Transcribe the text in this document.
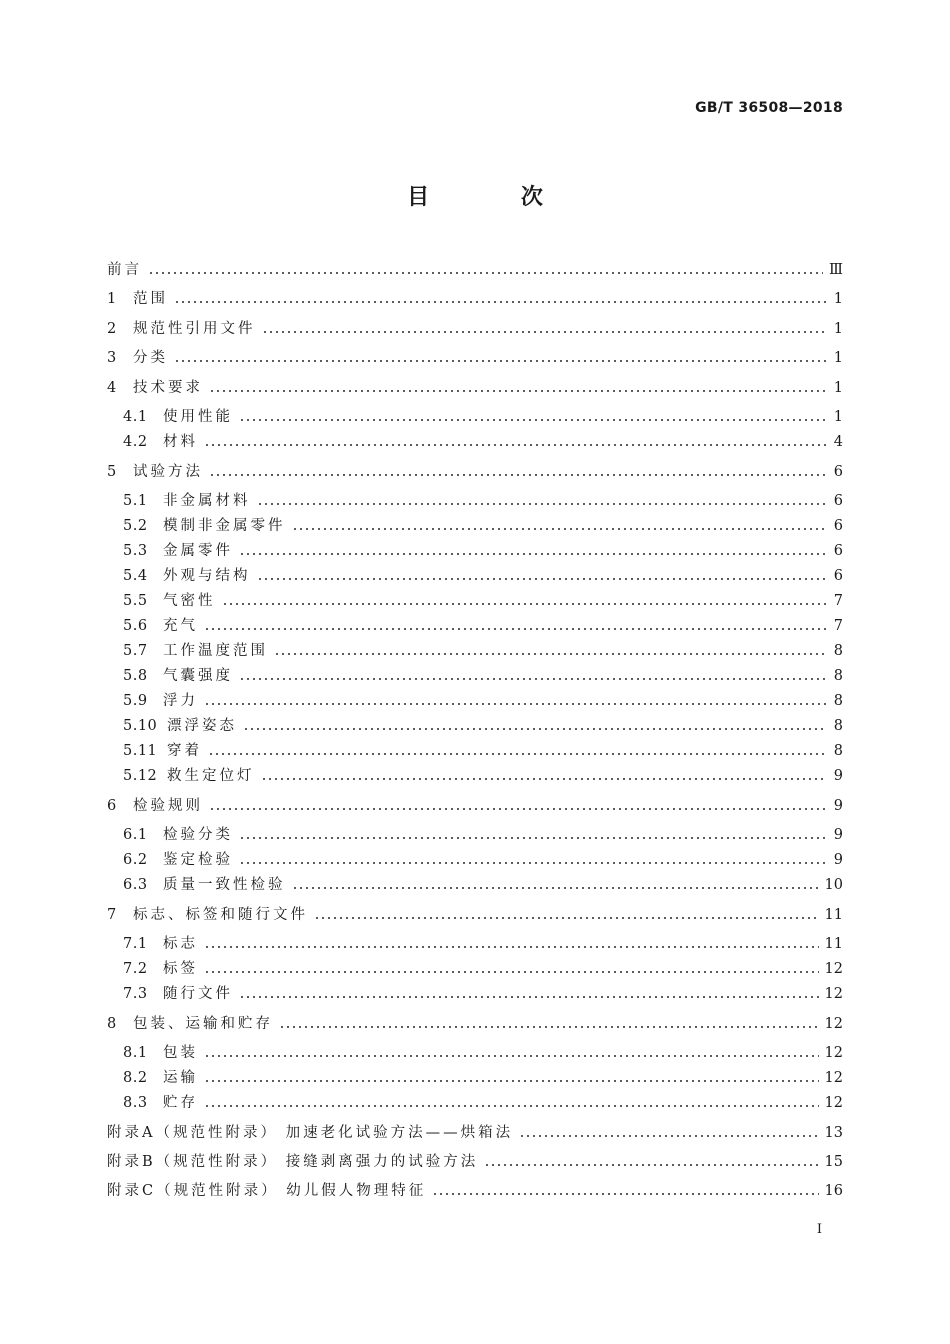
GB/T 36508—2018
目 次
前言	Ⅲ
1	范围	1
2	规范性引用文件	1
3	分类	1
4	技术要求	1
4.1	使用性能	1
4.2	材料	4
5	试验方法	6
5.1	非金属材料	6
5.2	模制非金属零件	6
5.3	金属零件	6
5.4	外观与结构	6
5.5	气密性	7
5.6	充气	7
5.7	工作温度范围	8
5.8	气囊强度	8
5.9	浮力	8
5.10 漂浮姿态	8
5.11 穿着	8
5.12 救生定位灯	9
6	检验规则	9
6.1	检验分类	9
6.2	鉴定检验	9
6.3	质量一致性检验	10
7	标志、标签和随行文件	11
7.1	标志	11
7.2	标签	12
7.3	随行文件	12
8	包装、运输和贮存	12
8.1	包装	12
8.2	运输	12
8.3	贮存	12
附录A（规范性附录） 加速老化试验方法——烘箱法	13
附录B（规范性附录） 接缝剥离强力的试验方法	15
附录C（规范性附录） 幼儿假人物理特征	16
I
